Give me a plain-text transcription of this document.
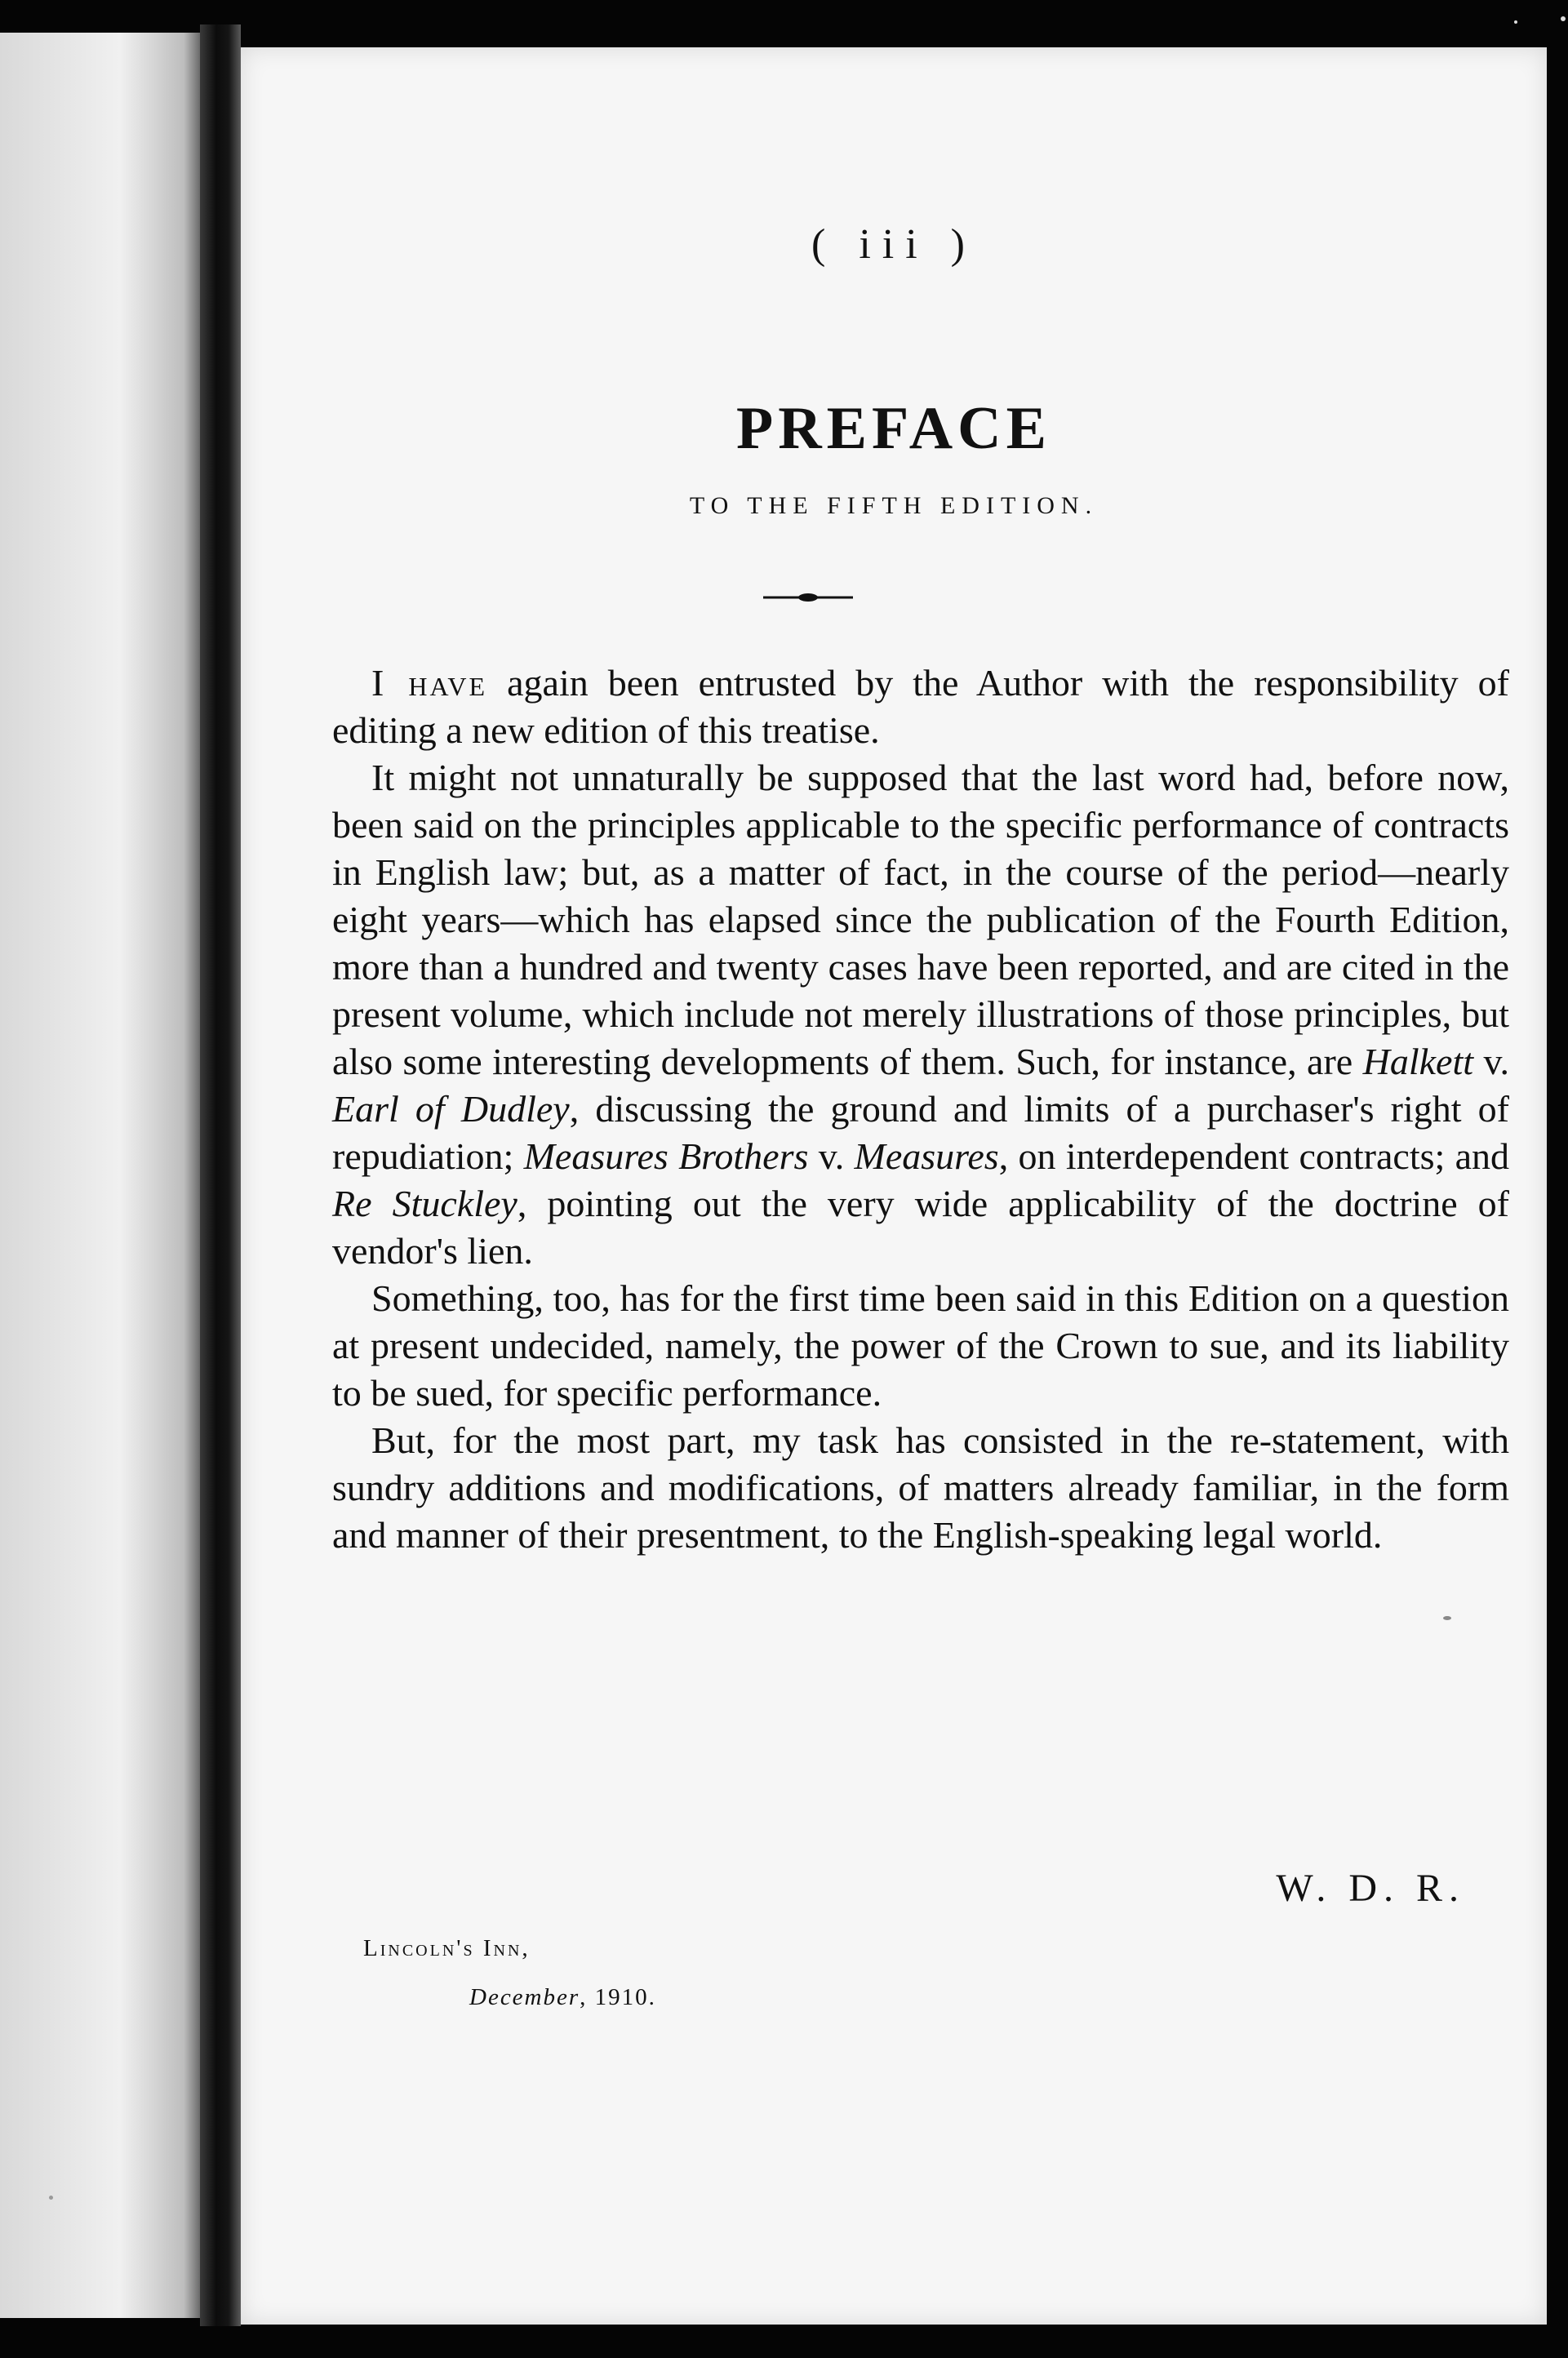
( iii )
PREFACE
TO THE FIFTH EDITION.

I have again been entrusted by the Author with the responsibility of editing a new edition of this treatise.

It might not unnaturally be supposed that the last word had, before now, been said on the principles applicable to the specific performance of contracts in English law; but, as a matter of fact, in the course of the period—nearly eight years—which has elapsed since the publication of the Fourth Edition, more than a hundred and twenty cases have been reported, and are cited in the present volume, which include not merely illustrations of those principles, but also some interesting developments of them. Such, for instance, are Halkett v. Earl of Dudley, discussing the ground and limits of a purchaser's right of repudiation; Measures Brothers v. Measures, on interdependent contracts; and Re Stuckley, pointing out the very wide applicability of the doctrine of vendor's lien.

Something, too, has for the first time been said in this Edition on a question at present undecided, namely, the power of the Crown to sue, and its liability to be sued, for specific performance.

But, for the most part, my task has consisted in the re-statement, with sundry additions and modifications, of matters already familiar, in the form and manner of their presentment, to the English-speaking legal world.

W. D. R.
Lincoln's Inn,
December, 1910.
